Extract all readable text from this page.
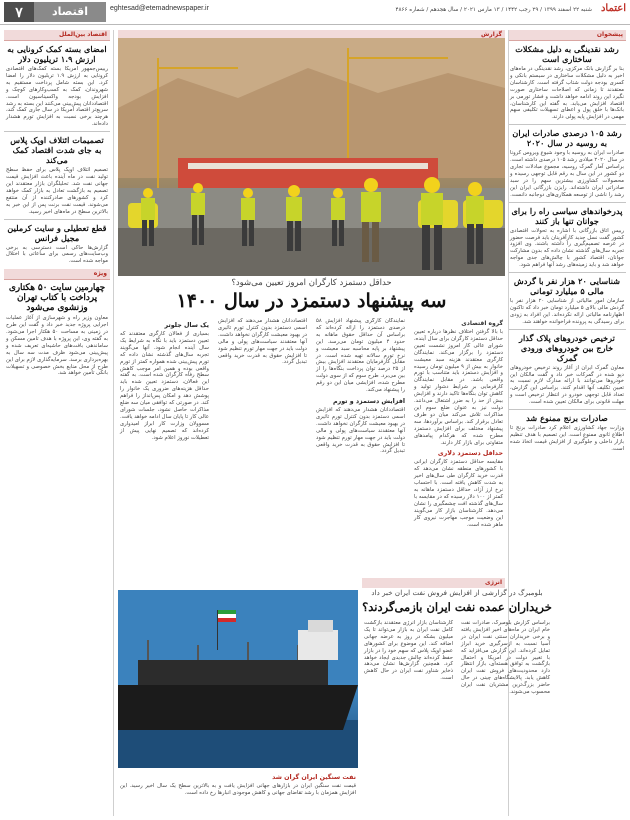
اعتماد
شنبه ۲۲ اسفند ۱۳۹۹ / ۲۹ رجب ۱۴۴۲ / ۱۳ مارس ۲۰۲۱ / سال هجدهم / شماره ۴۸۶۶
eghtesad@etemadnewspaper.ir
اقتصاد
۷
پیشخوان
رشد نقدینگی به دلیل مشکلات ساختاری است
بنا بر گزارش بانک مرکزی، رشد نقدینگی در ماه‌های اخیر به دلیل مشکلات ساختاری در سیستم بانکی و کسری بودجه دولت شتاب گرفته است. کارشناسان معتقدند تا زمانی که اصلاحات ساختاری صورت نگیرد این روند ادامه خواهد داشت و فشار تورمی بر اقتصاد افزایش می‌یابد. به گفته این کارشناسان، بانک‌ها با خلق پول و اعطای تسهیلات تکلیفی سهم مهمی در افزایش پایه پولی دارند.
رشد ۱۰۵ درصدی صادرات ایران به روسیه در سال ۲۰۲۰
صادرات ایران به روسیه با وجود شیوع ویروس کرونا در سال ۲۰۲۰ میلادی رشد ۱۰۵ درصدی داشته است. براساس آمار گمرک روسیه، مجموع مبادلات تجاری دو کشور در این سال به رقم قابل توجهی رسیده و محصولات کشاورزی بیشترین سهم را در سبد صادراتی ایران داشته‌اند. رایزن بازرگانی ایران این رشد را ناشی از توسعه همکاری‌های دوجانبه دانست.
پدرخواندهای سیاسی راه را برای جوانان تنها باز کنند
رییس اتاق بازرگانی با اشاره به تحولات اقتصادی کشور گفت نسل جدید کارآفرینان باید فرصت حضور در عرصه تصمیم‌گیری را داشته باشند. وی افزود تجربه سال‌های گذشته نشان داده که بدون مشارکت جوانان، اقتصاد کشور با چالش‌های جدی مواجه خواهد شد و باید زمینه‌های رشد آنها فراهم شود.
شناسایی ۲۰ هزار نفر با گردش مالی ۵ میلیارد تومانی
سازمان امور مالیاتی از شناسایی ۲۰ هزار نفر با گردش مالی بالای ۵ میلیارد تومان خبر داد که تاکنون اظهارنامه مالیاتی ارائه نکرده‌اند. این افراد به زودی برای رسیدگی به پرونده فراخوانده خواهند شد.
ترخیص خودروهای پلاک گذار خارج بین خودروهای ورودی گمرک
معاون گمرک ایران از آغاز روند ترخیص خودروهای دپو شده در گمرکات خبر داد و گفت مالکان این خودروها می‌توانند با ارائه مدارک لازم نسبت به تعیین تکلیف آنها اقدام کنند. براساس این گزارش، تعداد قابل توجهی خودرو در انتظار ترخیص است و مهلت قانونی برای مالکان تعیین شده است.
صادرات برنج ممنوع شد
وزارت جهاد کشاورزی اعلام کرد صادرات برنج تا اطلاع ثانوی ممنوع است. این تصمیم با هدف تنظیم بازار داخلی و جلوگیری از افزایش قیمت اتخاذ شده است.
اقتصاد بین‌الملل
امضای بسته کمک کرونایی به ارزش ۱.۹ تریلیون دلار
رییس‌جمهور امریکا بسته کمک‌های اقتصادی کرونایی به ارزش ۱.۹ تریلیون دلار را امضا کرد. این بسته شامل پرداخت مستقیم به شهروندان، کمک به کسب‌وکارهای کوچک و افزایش بودجه واکسیناسیون است. اقتصاددانان پیش‌بینی می‌کنند این بسته به رشد سریع‌تر اقتصاد امریکا در سال جاری کمک کند، هرچند برخی نسبت به افزایش تورم هشدار داده‌اند.
تصمیمات ائتلاف اوپک پلاس به جای شدت اقتصاد کمک می‌کند
تصمیم ائتلاف اوپک پلاس برای حفظ سطح تولید نفت در ماه آینده باعث افزایش قیمت جهانی نفت شد. تحلیلگران بازار معتقدند این تصمیم به بازگشت تعادل به بازار کمک خواهد کرد و کشورهای صادرکننده از آن منتفع می‌شوند. قیمت نفت برنت پس از این خبر به بالاترین سطح در ماه‌های اخیر رسید.
قطع تعطیلی و سایت کرملین مجیل فرانس
گزارش‌ها حاکی است دسترسی به برخی وب‌سایت‌های رسمی برای ساعاتی با اختلال مواجه شده است.
ویژه
چهارمین سایت ۵۰ هکتاری پرداخت با کتاب تهران وزنشوی می‌شود
معاون وزیر راه و شهرسازی از آغاز عملیات اجرایی پروژه جدید خبر داد و گفت این طرح در زمینی به مساحت ۵۰ هکتار اجرا می‌شود. به گفته وی، این پروژه با هدف تامین مسکن و ساماندهی بافت‌های حاشیه‌ای تعریف شده و پیش‌بینی می‌شود ظرف مدت سه سال به بهره‌برداری برسد. سرمایه‌گذاری لازم برای این طرح از محل منابع بخش خصوصی و تسهیلات بانکی تامین خواهد شد.
گزارش
حداقل دستمزد کارگران امروز تعیین می‌شود؟
سه پیشنهاد دستمزد در سال ۱۴۰۰
گروه اقتصادی
با بالا گرفتن اختلاف نظرها درباره تعیین حداقل دستمزد کارگران برای سال آینده، شورای عالی کار امروز نشست تعیین دستمزد را برگزار می‌کند. نمایندگان کارگری معتقدند هزینه سبد معیشت خانوار به بیش از ۹ میلیون تومان رسیده و افزایش دستمزد باید متناسب با تورم واقعی باشد. در مقابل نمایندگان کارفرمایی بر شرایط دشوار تولید و کاهش توان بنگاه‌ها تاکید دارند و افزایش بیش از حد را به ضرر اشتغال می‌دانند. دولت نیز به عنوان ضلع سوم این مذاکرات تلاش می‌کند میان دو طرف تعادل برقرار کند. براساس برآوردها، سه پیشنهاد مختلف برای افزایش دستمزد مطرح شده که هرکدام پیامدهای متفاوتی برای بازار کار دارند.
حداقل دستمزد دلاری
مقایسه حداقل دستمزد کارگران ایرانی با کشورهای منطقه نشان می‌دهد که قدرت خرید کارگران طی سال‌های اخیر به شدت کاهش یافته است. با احتساب نرخ ارز آزاد، حداقل دستمزد ماهانه به کمتر از ۱۰۰ دلار رسیده که در مقایسه با سال‌های گذشته افت چشمگیری را نشان می‌دهد. کارشناسان بازار کار می‌گویند این وضعیت موجب مهاجرت نیروی کار ماهر شده است.
نمایندگان کارگری پیشنهاد افزایش ۵۸ درصدی دستمزد را ارائه کرده‌اند که براساس آن حداقل حقوق ماهانه به حدود ۴ میلیون تومان می‌رسد. این پیشنهاد بر پایه محاسبه سبد معیشت و نرخ تورم سالانه تهیه شده است. در مقابل کارفرمایان معتقدند افزایش بیش از ۲۵ درصد توان پرداخت بنگاه‌ها را از بین می‌برد. طرح سوم که از سوی دولت مطرح شده، افزایشی میان این دو رقم را پیشنهاد می‌کند.
افزایش دستمزد و تورم
اقتصاددانان هشدار می‌دهند که افزایش اسمی دستمزد بدون کنترل تورم تاثیری در بهبود معیشت کارگران نخواهد داشت. آنها معتقدند سیاست‌های پولی و مالی دولت باید در جهت مهار تورم تنظیم شود تا افزایش حقوق به قدرت خرید واقعی تبدیل گردد.
اقتصاددانان هشدار می‌دهند که افزایش اسمی دستمزد بدون کنترل تورم تاثیری در بهبود معیشت کارگران نخواهد داشت. آنها معتقدند سیاست‌های پولی و مالی دولت باید در جهت مهار تورم تنظیم شود تا افزایش حقوق به قدرت خرید واقعی تبدیل گردد.
یک سال جلوتر
بسیاری از فعالان کارگری معتقدند که تعیین دستمزد باید با نگاه به شرایط یک سال آینده انجام شود. آنها می‌گویند تجربه سال‌های گذشته نشان داده که تورم پیش‌بینی شده همواره کمتر از تورم واقعی بوده و همین امر موجب کاهش سطح رفاه کارگران شده است. به گفته این فعالان، دستمزد تعیین شده باید حداقل هزینه‌های ضروری یک خانوار را پوشش دهد و امکان پس‌انداز را فراهم کند. در صورتی که توافقی میان سه ضلع مذاکرات حاصل نشود، جلسات شورای عالی کار تا پایان سال ادامه خواهد یافت. مسوولان وزارت کار ابراز امیدواری کرده‌اند که تصمیم نهایی پیش از تعطیلات نوروز اعلام شود.
انرژی
بلومبرگ در گزارشی از افزایش فروش نفت ایران خبر داد
خریداران عمده نفت ایران بازمی‌گردند؟
براساس گزارش بلومبرگ، صادرات نفت خام ایران در ماه‌های اخیر افزایش یافته و برخی خریداران سنتی نفت ایران در آسیا نسبت به ازسرگیری خرید ابراز تمایل کرده‌اند. این گزارش می‌افزاید که با تغییر دولت در امریکا و احتمال بازگشت به توافق هسته‌ای، بازار انتظار دارد محدودیت‌های فروش نفت ایران کاهش یابد. پالایشگاه‌های چینی در حال حاضر بزرگ‌ترین مشتریان نفت ایران محسوب می‌شوند.
کارشناسان بازار انرژی معتقدند بازگشت کامل نفت ایران به بازار می‌تواند تا یک میلیون بشکه در روز به عرضه جهانی اضافه کند. این موضوع برای کشورهای عضو اوپک پلاس که سهم خود را در بازار حفظ کرده‌اند چالش جدیدی ایجاد خواهد کرد. همچنین گزارش‌ها نشان می‌دهد ذخایر شناور نفت ایران در حال کاهش است.
نفت سنگین ایران گران شد
قیمت نفت سنگین ایران در بازارهای جهانی افزایش یافت و به بالاترین سطح یک سال اخیر رسید. این افزایش همزمان با رشد تقاضای جهانی و کاهش موجودی انبارها رخ داده است.
